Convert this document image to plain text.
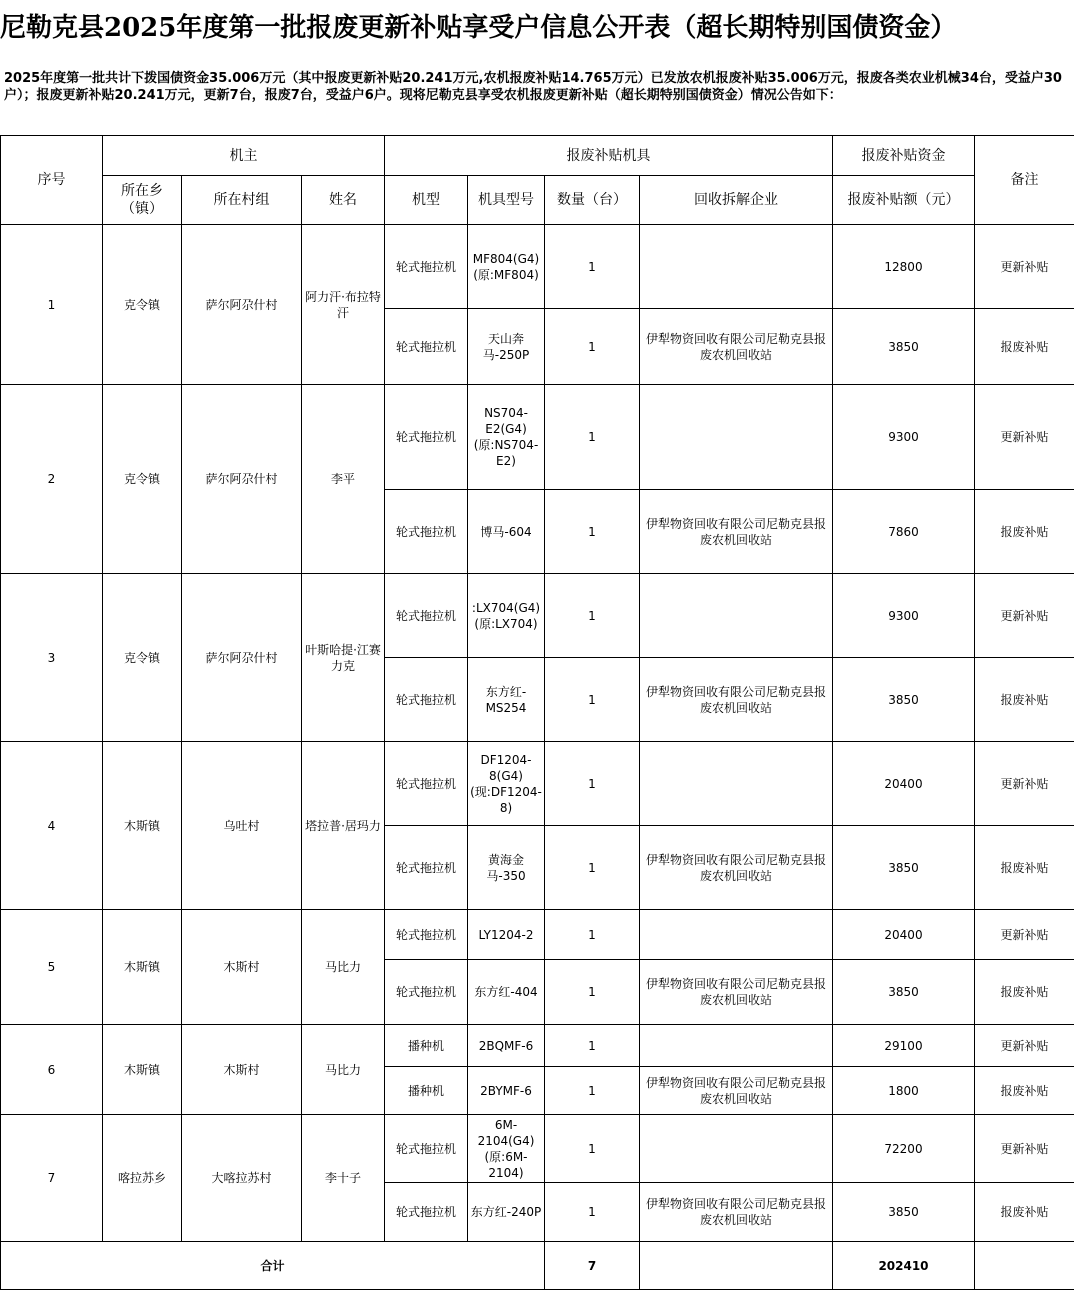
尼勒克县2025年度第一批报废更新补贴享受户信息公开表（超长期特别国债资金）
2025年度第一批共计下拨国债资金35.006万元（其中报废更新补贴20.241万元,农机报废补贴14.765万元）已发放农机报废补贴35.006万元，报废各类农业机械34台，受益户30户）；报废更新补贴20.241万元，更新7台，报废7台，受益户6户。现将尼勒克县享受农机报废更新补贴（超长期特别国债资金）情况公告如下：
序号	机主			报废补贴机具				报废补贴资金	备注
	所在乡（镇）	所在村组	姓名	机型	机具型号	数量（台）	回收拆解企业	报废补贴额（元）	
1	克令镇	萨尔阿尕什村	阿力汗·布拉特汗	轮式拖拉机	MF804(G4)(原:MF804)	1		12800	更新补贴
				轮式拖拉机	天山奔马-250P	1	伊犁物资回收有限公司尼勒克县报废农机回收站	3850	报废补贴
2	克令镇	萨尔阿尕什村	李平	轮式拖拉机	NS704-E2(G4)(原:NS704-E2)	1		9300	更新补贴
				轮式拖拉机	博马-604	1	伊犁物资回收有限公司尼勒克县报废农机回收站	7860	报废补贴
3	克令镇	萨尔阿尕什村	叶斯哈提·江赛力克	轮式拖拉机	:LX704(G4)(原:LX704)	1		9300	更新补贴
				轮式拖拉机	东方红-MS254	1	伊犁物资回收有限公司尼勒克县报废农机回收站	3850	报废补贴
4	木斯镇	乌吐村	塔拉普·居玛力	轮式拖拉机	DF1204-8(G4)(现:DF1204-8)	1		20400	更新补贴
				轮式拖拉机	黄海金马-350	1	伊犁物资回收有限公司尼勒克县报废农机回收站	3850	报废补贴
5	木斯镇	木斯村	马比力	轮式拖拉机	LY1204-2	1		20400	更新补贴
				轮式拖拉机	东方红-404	1	伊犁物资回收有限公司尼勒克县报废农机回收站	3850	报废补贴
6	木斯镇	木斯村	马比力	播种机	2BQMF-6	1		29100	更新补贴
				播种机	2BYMF-6	1	伊犁物资回收有限公司尼勒克县报废农机回收站	1800	报废补贴
7	喀拉苏乡	大喀拉苏村	李十子	轮式拖拉机	6M-2104(G4)(原:6M-2104)	1		72200	更新补贴
				轮式拖拉机	东方红-240P	1	伊犁物资回收有限公司尼勒克县报废农机回收站	3850	报废补贴
合计						7		202410	
